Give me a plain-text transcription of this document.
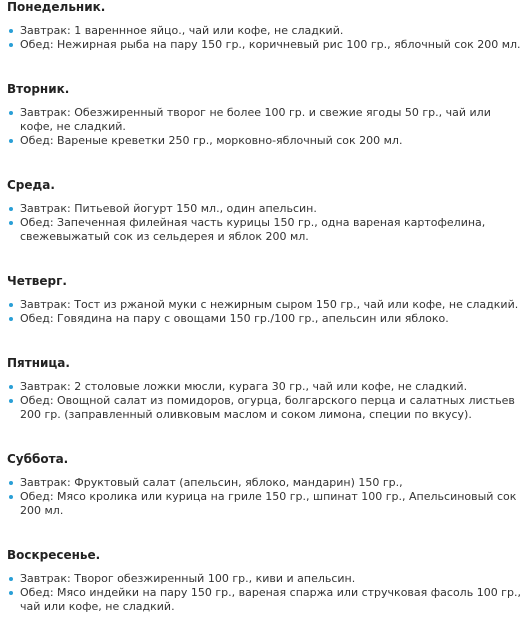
Понедельник.
Завтрак: 1 вареннное яйцо., чай или кофе, не сладкий.
Обед: Нежирная рыба на пару 150 гр., коричневый рис 100 гр., яблочный сок 200 мл.
Вторник.
Завтрак: Обезжиренный творог не более 100 гр. и свежие ягоды 50 гр., чай или кофе, не сладкий.
Обед: Вареные креветки 250 гр., морковно-яблочный сок 200 мл.
Среда.
Завтрак: Питьевой йогурт 150 мл., один апельсин.
Обед: Запеченная филейная часть курицы 150 гр., одна вареная картофелина, свежевыжатый сок из сельдерея и яблок 200 мл.
Четверг.
Завтрак: Тост из ржаной муки с нежирным сыром 150 гр., чай или кофе, не сладкий.
Обед: Говядина на пару с овощами 150 гр./100 гр., апельсин или яблоко.
Пятница.
Завтрак: 2 столовые ложки мюсли, курага 30 гр., чай или кофе, не сладкий.
Обед: Овощной салат из помидоров, огурца, болгарского перца и салатных листьев 200 гр. (заправленный оливковым маслом и соком лимона, специи по вкусу).
Суббота.
Завтрак: Фруктовый салат (апельсин, яблоко, мандарин) 150 гр.,
Обед: Мясо кролика или курица на гриле 150 гр., шпинат 100 гр., Апельсиновый сок 200 мл.
Воскресенье.
Завтрак: Творог обезжиренный 100 гр., киви и апельсин.
Обед: Мясо индейки на пару 150 гр., вареная спаржа или стручковая фасоль 100 гр., чай или кофе, не сладкий.
